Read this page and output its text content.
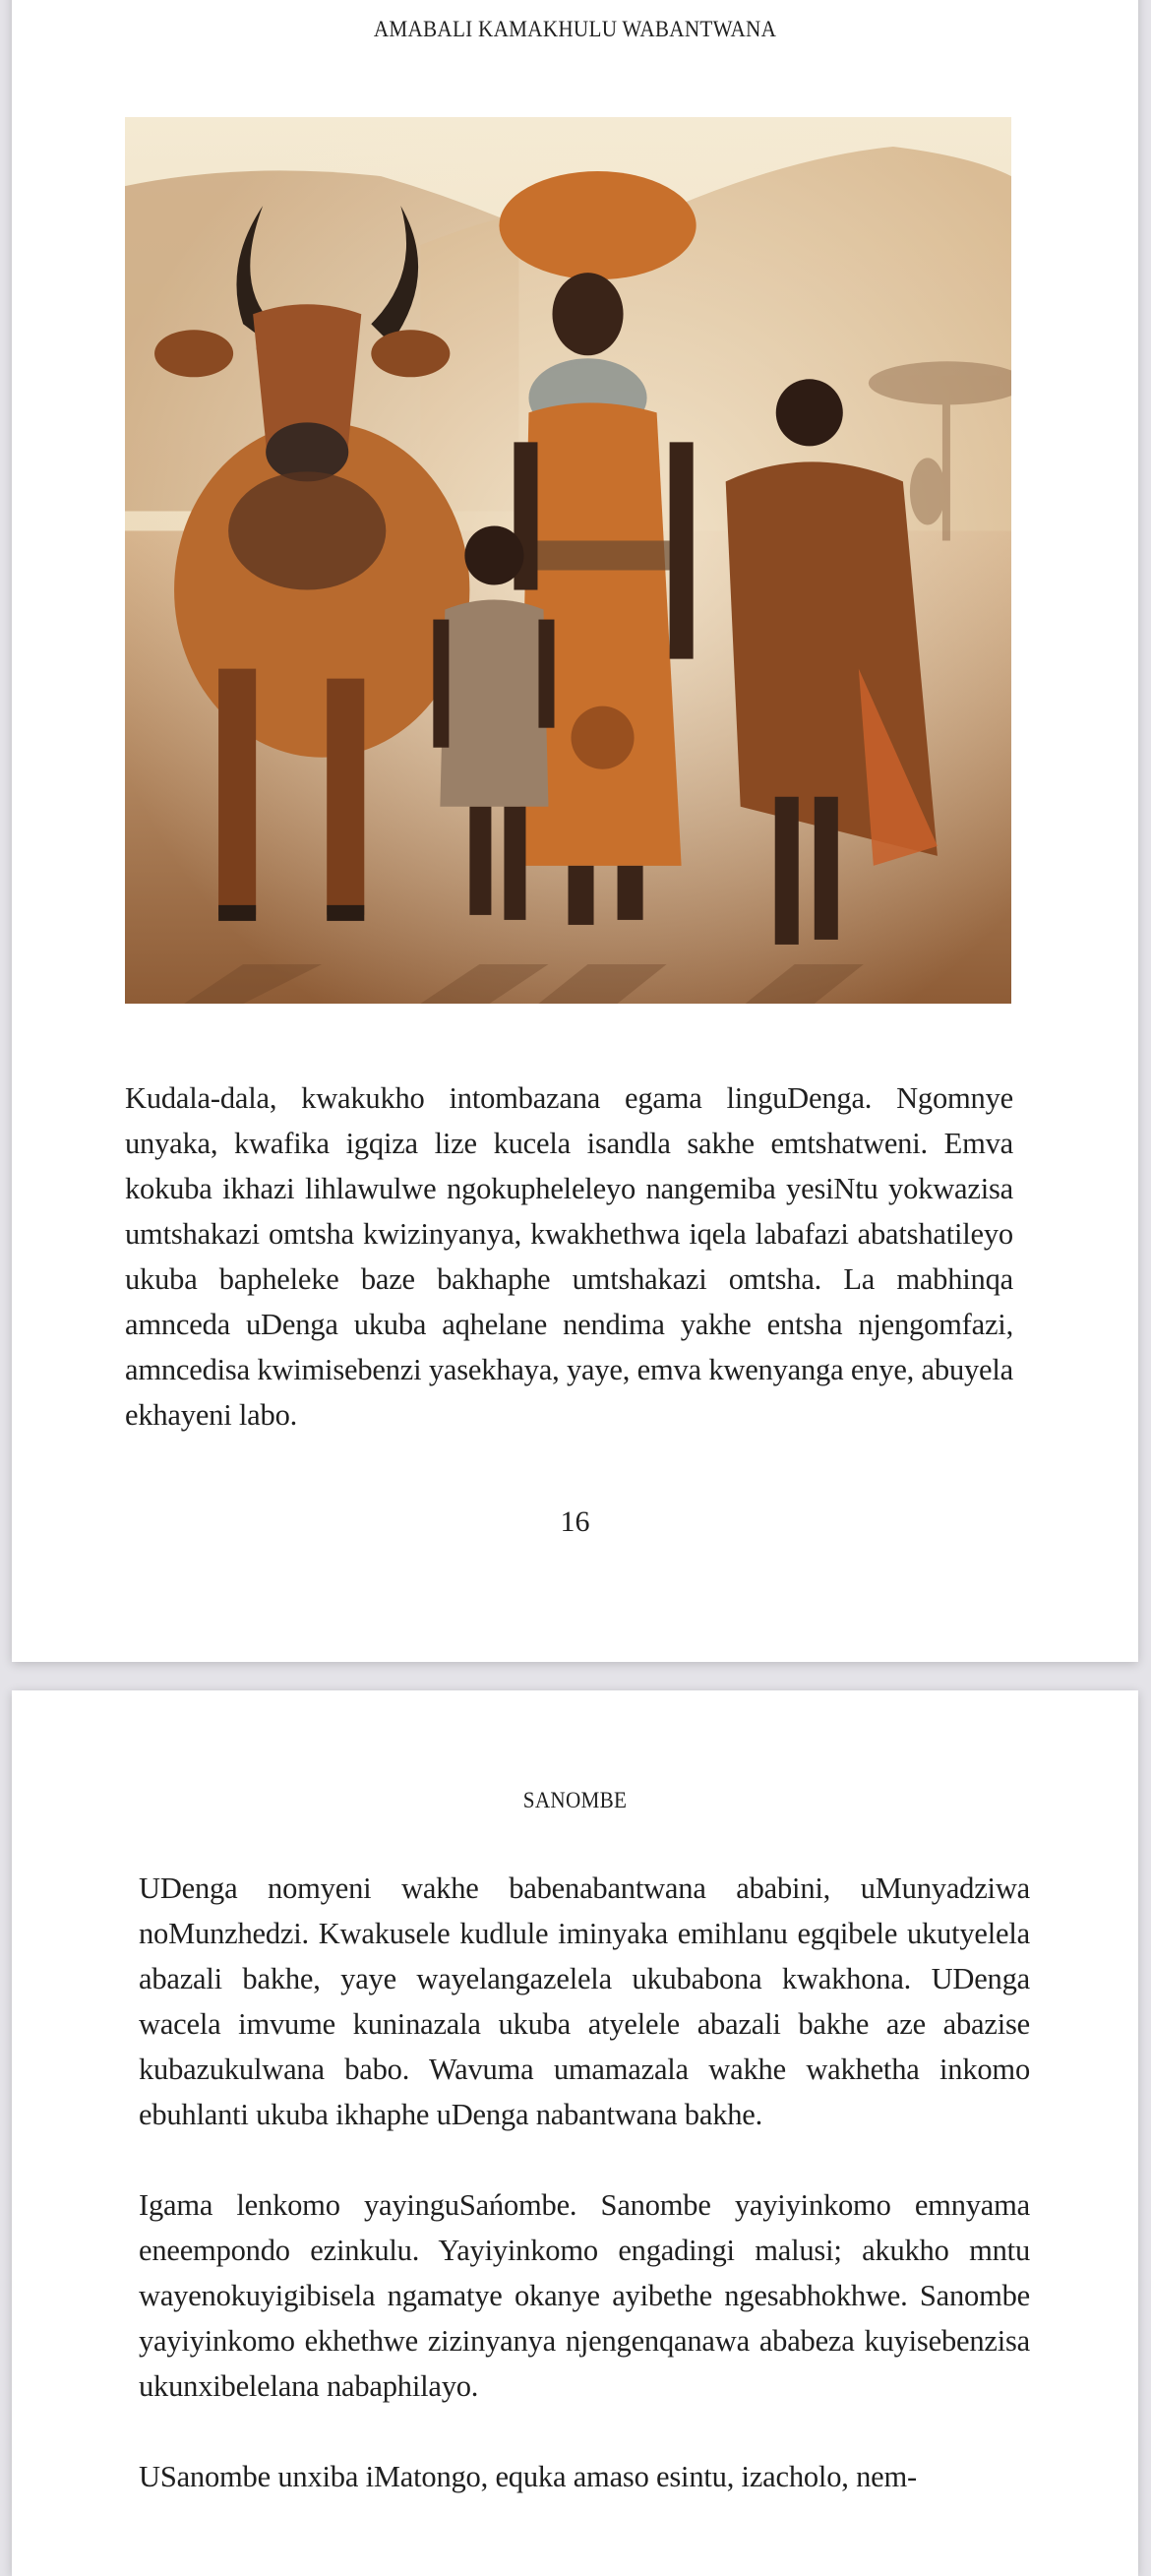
AMABALI KAMAKHULU WABANTWANA

Kudala-dala, kwakukho intombazana egama linguDenga. Ngomnye unyaka, kwafika igqiza lize kucela isandla sakhe emtshatweni. Emva kokuba ikhazi lihlawulwe ngokupheleleyo nangemiba yesiNtu yokwazisa umtshakazi omtsha kwizinyanya, kwakhethwa iqela labafazi abatshatileyo ukuba bapheleke baze bakhaphe umtshakazi omtsha. La mabhinqa amnceda uDenga ukuba aqhelane nendima yakhe entsha njengomfazi, amncedisa kwimisebenzi yasekhaya, yaye, emva kwenyanga enye, abuyela ekhayeni labo.

16
SANOMBE

UDenga nomyeni wakhe babenabantwana ababini, uMunyadziwa noMunzhedzi. Kwakusele kudlule iminyaka emihlanu egqibele ukutyelela abazali bakhe, yaye wayelangazelela ukubabona kwakhona. UDenga wacela imvume kuninazala ukuba atyelele abazali bakhe aze abazise kubazukulwana babo. Wavuma umamazala wakhe wakhetha inkomo ebuhlanti ukuba ikhaphe uDenga nabantwana bakhe.

Igama lenkomo yayinguSańombe. Sanombe yayiyinkomo emnyama eneempondo ezinkulu. Yayiyinkomo engadingi malusi; akukho mntu wayenokuyigibisela ngamatye okanye ayibethe ngesabhokhwe. Sanombe yayiyinkomo ekhethwe zizinyanya njengenqanawa ababeza kuyisebenzisa ukunxibelelana nabaphilayo.

USanombe unxiba iMatongo, equka amaso esintu, izacholo, nem-
